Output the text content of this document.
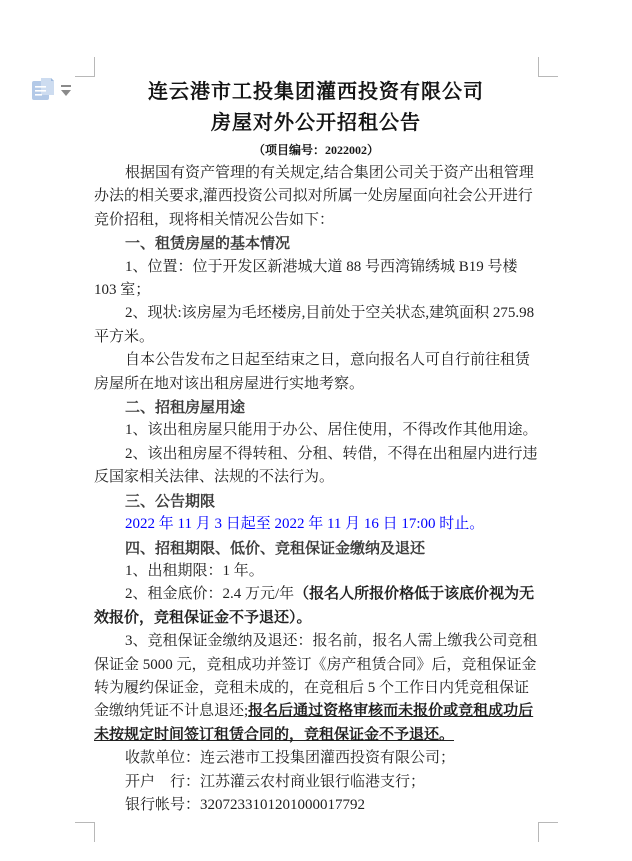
连云港市工投集团灌西投资有限公司

房屋对外公开招租公告

（项目编号：2022002）

根据国有资产管理的有关规定,结合集团公司关于资产出租管理办法的相关要求,灌西投资公司拟对所属一处房屋面向社会公开进行竞价招租，现将相关情况公告如下：

一、租赁房屋的基本情况

1、位置：位于开发区新港城大道 88 号西湾锦绣城 B19 号楼 103 室；

2、现状:该房屋为毛坯楼房,目前处于空关状态,建筑面积 275.98 平方米。

自本公告发布之日起至结束之日，意向报名人可自行前往租赁房屋所在地对该出租房屋进行实地考察。

二、招租房屋用途

1、该出租房屋只能用于办公、居住使用，不得改作其他用途。

2、该出租房屋不得转租、分租、转借，不得在出租屋内进行违反国家相关法律、法规的不法行为。

三、公告期限

2022 年 11 月 3 日起至 2022 年 11 月 16 日 17:00 时止。

四、招租期限、低价、竞租保证金缴纳及退还

1、出租期限：1 年。

2、租金底价：2.4 万元/年（报名人所报价格低于该底价视为无效报价，竞租保证金不予退还）。

3、竞租保证金缴纳及退还：报名前，报名人需上缴我公司竞租保证金 5000 元，竞租成功并签订《房产租赁合同》后，竞租保证金转为履约保证金，竞租未成的，在竞租后 5 个工作日内凭竞租保证金缴纳凭证不计息退还;报名后通过资格审核而未报价或竞租成功后未按规定时间签订租赁合同的，竞租保证金不予退还。

收款单位：连云港市工投集团灌西投资有限公司；

开户　行：江苏灌云农村商业银行临港支行；

银行帐号：3207233101201000017792
